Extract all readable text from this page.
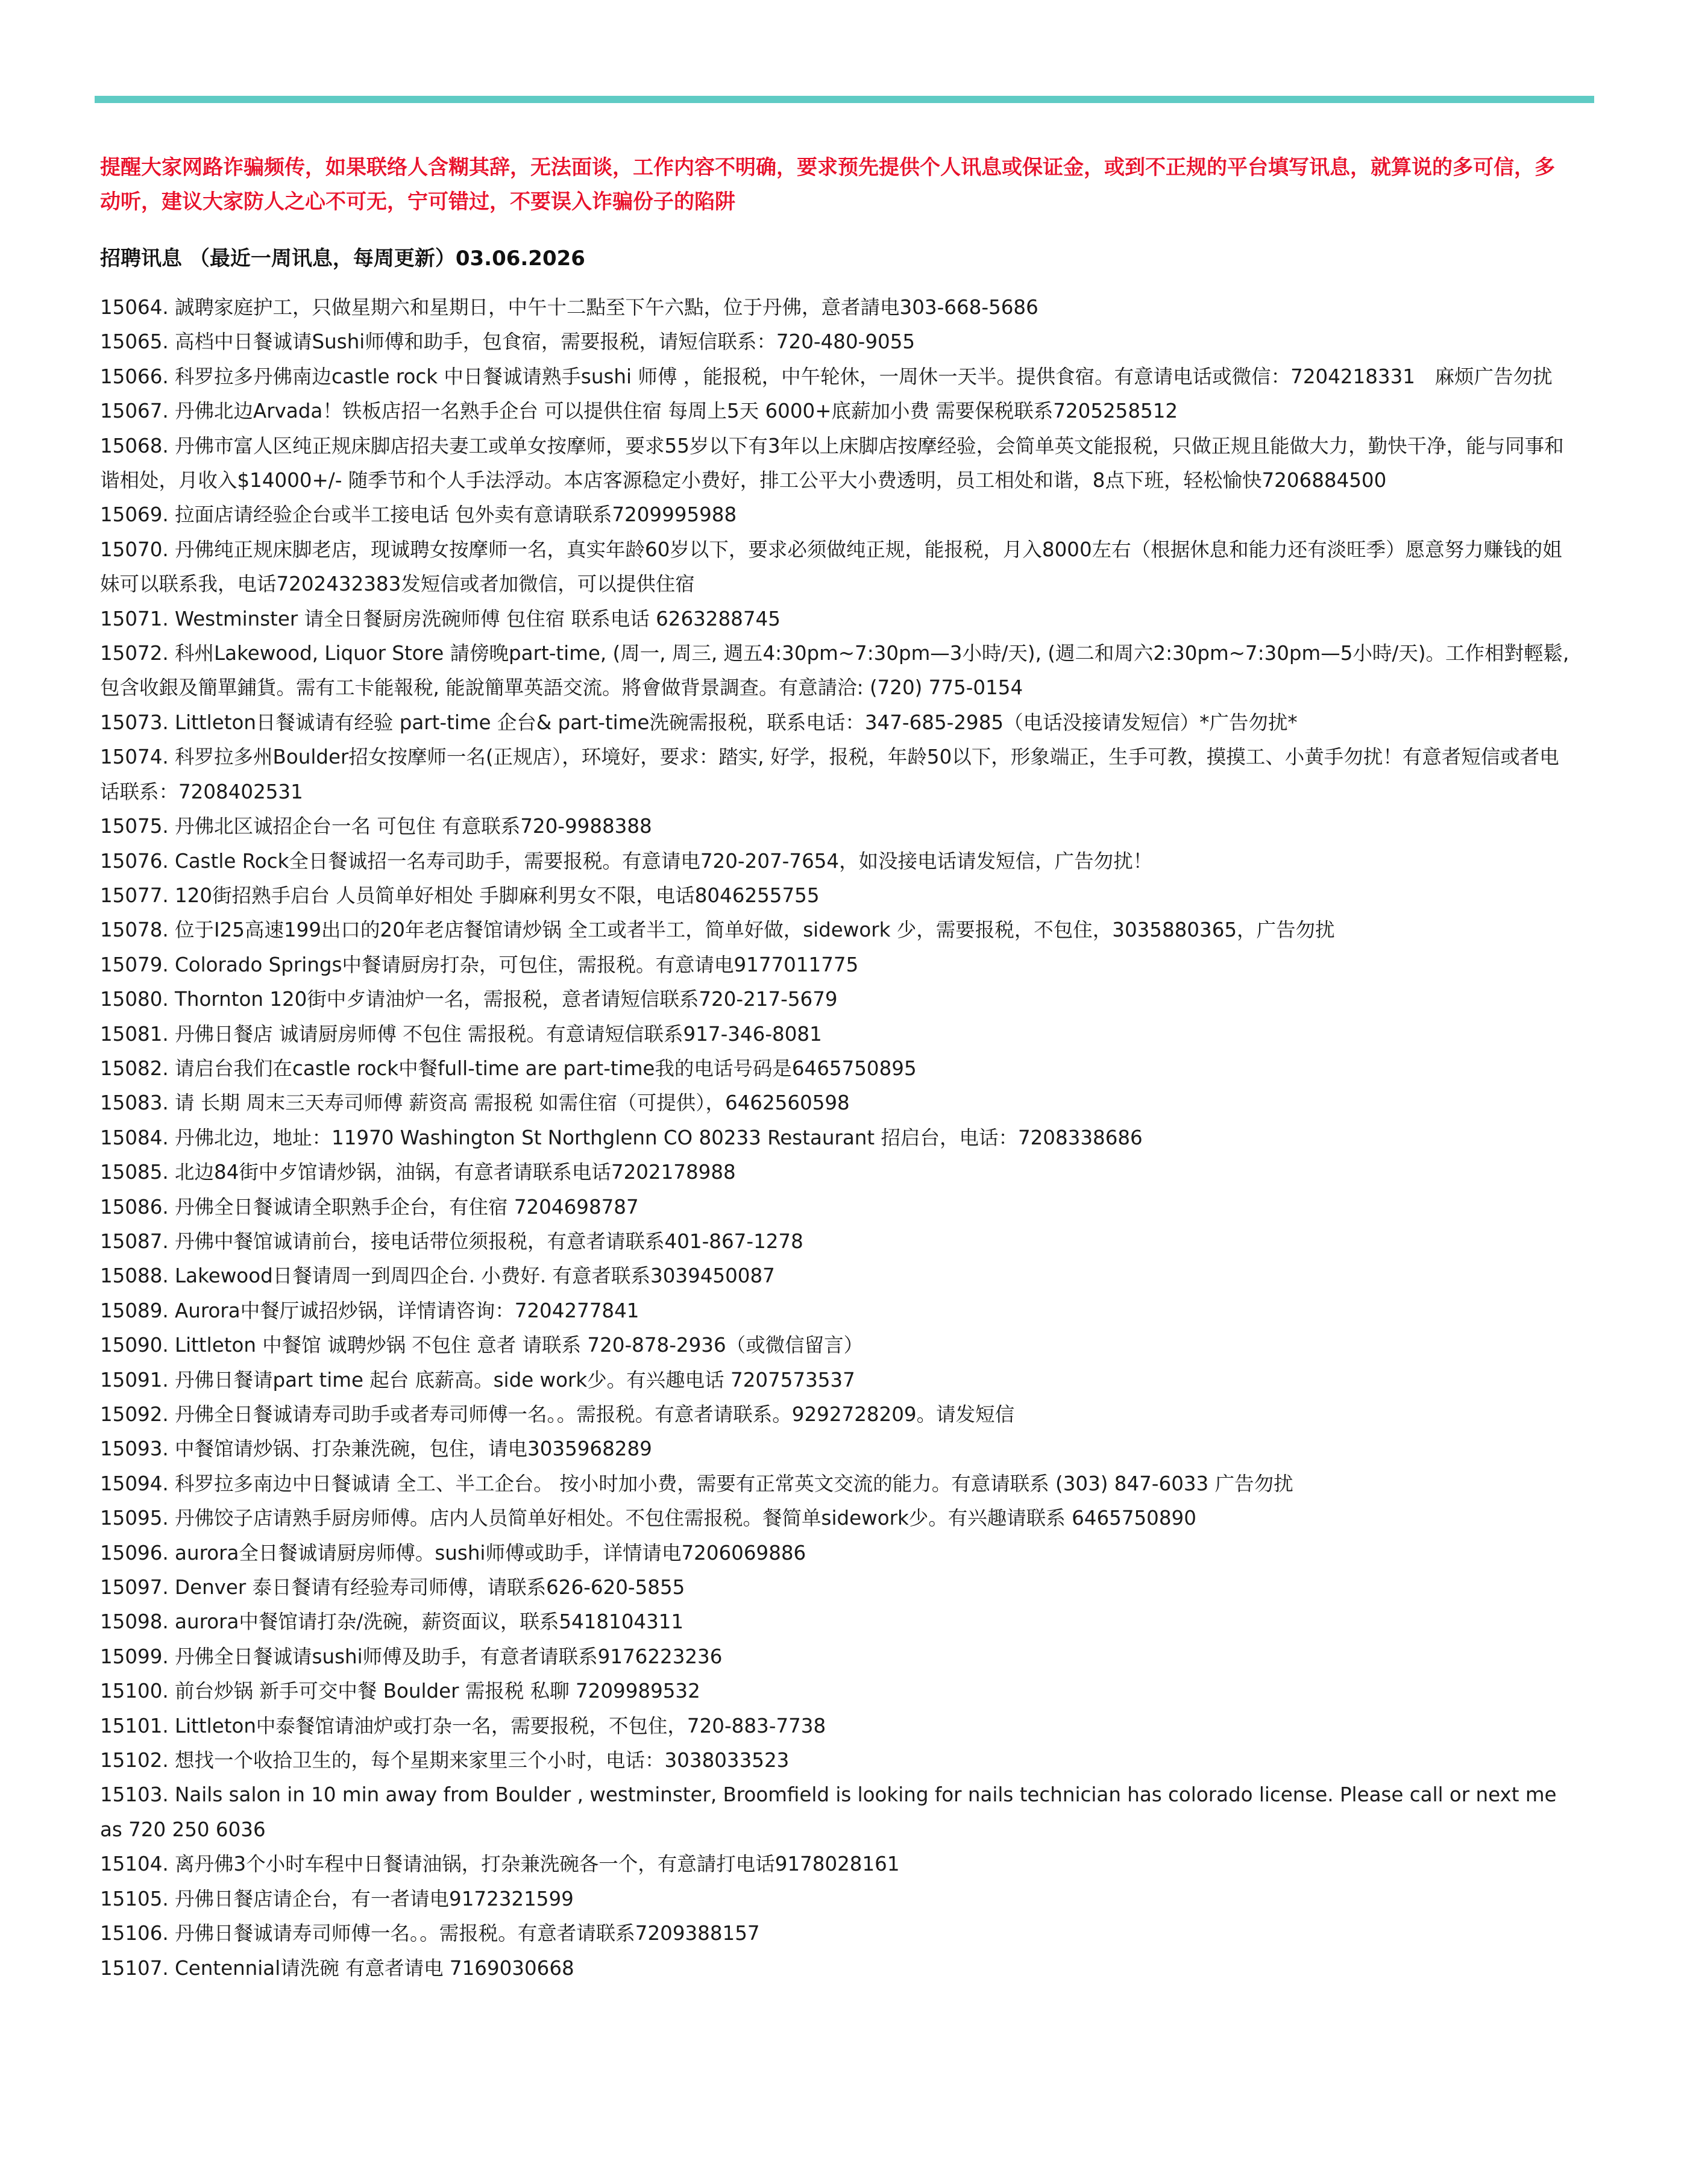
提醒大家网路诈骗频传，如果联络人含糊其辞，无法面谈，工作内容不明确，要求预先提供个人讯息或保证金，或到不正规的平台填写讯息，就算说的多可信，多动听，建议大家防人之心不可无，宁可错过，不要误入诈骗份子的陷阱

招聘讯息 （最近一周讯息，每周更新）03.06.2026
15064. 誠聘家庭护工，只做星期六和星期日，中午十二點至下午六點，位于丹佛，意者請电303-668-5686
15065. 高档中日餐诚请Sushi师傅和助手，包食宿，需要报税，请短信联系：720-480-9055
15066. 科罗拉多丹佛南边castle rock 中日餐诚请熟手sushi 师傅 ，能报税，中午轮休，一周休一天半。提供食宿。有意请电话或微信：7204218331　麻烦广告勿扰
15067. 丹佛北边Arvada！铁板店招一名熟手企台 可以提供住宿 每周上5天 6000+底薪加小费 需要保税联系7205258512
15068. 丹佛市富人区纯正规床脚店招夫妻工或单女按摩师，要求55岁以下有3年以上床脚店按摩经验，会简单英文能报税，只做正规且能做大力，勤快干净，能与同事和谐相处，月收入$14000+/- 随季节和个人手法浮动。本店客源稳定小费好，排工公平大小费透明，员工相处和谐，8点下班，轻松愉快7206884500
15069. 拉面店请经验企台或半工接电话 包外卖有意请联系7209995988
15070. 丹佛纯正规床脚老店，现诚聘女按摩师一名，真实年龄60岁以下，要求必须做纯正规，能报税，月入8000左右（根据休息和能力还有淡旺季）愿意努力赚钱的姐妹可以联系我，电话7202432383发短信或者加微信，可以提供住宿
15071. Westminster 请全日餐厨房洗碗师傅 包住宿 联系电话 6263288745
15072. 科州Lakewood, Liquor Store 請傍晚part-time, (周一, 周三, 週五4:30pm~7:30pm—3小時/天), (週二和周六2:30pm~7:30pm—5小時/天)。工作相對輕鬆, 包含收銀及簡單鋪貨。需有工卡能報稅, 能說簡單英語交流。將會做背景調查。有意請洽: (720) 775-0154
15073. Littleton日餐诚请有经验 part-time 企台& part-time洗碗需报税，联系电话：347-685-2985（电话没接请发短信）*广告勿扰*
15074. 科罗拉多州Boulder招女按摩师一名(正规店），环境好，要求：踏实, 好学，报税，年龄50以下，形象端正，生手可教，摸摸工、小黄手勿扰！有意者短信或者电话联系：7208402531
15075. 丹佛北区诚招企台一名 可包住 有意联系720-9988388
15076. Castle Rock全日餐诚招一名寿司助手，需要报税。有意请电720-207-7654，如没接电话请发短信，广告勿扰！
15077. 120街招熟手启台 人员简单好相处 手脚麻利男女不限，电话8046255755
15078. 位于I25高速199出口的20年老店餐馆请炒锅 全工或者半工，简单好做，sidework 少，需要报税，不包住，3035880365，广告勿扰
15079. Colorado Springs中餐请厨房打杂，可包住，需报税。有意请电9177011775
15080. Thornton 120街中歺请油炉一名，需报税，意者请短信联系720-217-5679
15081. 丹佛日餐店 诚请厨房师傅 不包住 需报税。有意请短信联系917-346-8081
15082. 请启台我们在castle rock中餐full-time are part-time我的电话号码是6465750895
15083. 请 长期 周末三天寿司师傅 薪资高 需报税 如需住宿（可提供），6462560598
15084. 丹佛北边，地址：11970 Washington St Northglenn CO 80233 Restaurant 招启台，电话：7208338686
15085. 北边84街中歺馆请炒锅，油锅，有意者请联系电话7202178988
15086. 丹佛全日餐诚请全职熟手企台，有住宿 7204698787
15087. 丹佛中餐馆诚请前台，接电话带位须报税，有意者请联系401-867-1278
15088. Lakewood日餐请周一到周四企台. 小费好. 有意者联系3039450087
15089. Aurora中餐厅诚招炒锅，详情请咨询：7204277841
15090. Littleton 中餐馆 诚聘炒锅 不包住 意者 请联系 720-878-2936（或微信留言）
15091. 丹佛日餐请part time 起台 底薪高。side work少。有兴趣电话 7207573537
15092. 丹佛全日餐诚请寿司助手或者寿司师傅一名。。需报税。有意者请联系。9292728209。请发短信
15093. 中餐馆请炒锅、打杂兼洗碗，包住，请电3035968289
15094. 科罗拉多南边中日餐诚请 全工、半工企台。 按小时加小费，需要有正常英文交流的能力。有意请联系 (303) 847-6033 广告勿扰
15095. 丹佛饺子店请熟手厨房师傅。店内人员简单好相处。不包住需报税。餐简单sidework少。有兴趣请联系 6465750890
15096. aurora全日餐诚请厨房师傅。sushi师傅或助手，详情请电7206069886
15097. Denver 泰日餐请有经验寿司师傅，请联系626-620-5855
15098. aurora中餐馆请打杂/洗碗，薪资面议，联系5418104311
15099. 丹佛全日餐诚请sushi师傅及助手，有意者请联系9176223236
15100. 前台炒锅 新手可交中餐 Boulder 需报税 私聊 7209989532
15101. Littleton中泰餐馆请油炉或打杂一名，需要报税，不包住，720-883-7738
15102. 想找一个收拾卫生的，每个星期来家里三个小时，电话：3038033523
15103. Nails salon in 10 min away from Boulder , westminster, Broomfield is looking for nails technician has colorado license. Please call or next me as 720 250 6036
15104. 离丹佛3个小时车程中日餐请油锅，打杂兼洗碗各一个，有意請打电话9178028161
15105. 丹佛日餐店请企台，有一者请电9172321599
15106. 丹佛日餐诚请寿司师傅一名。。需报税。有意者请联系7209388157
15107. Centennial请洗碗 有意者请电 7169030668
